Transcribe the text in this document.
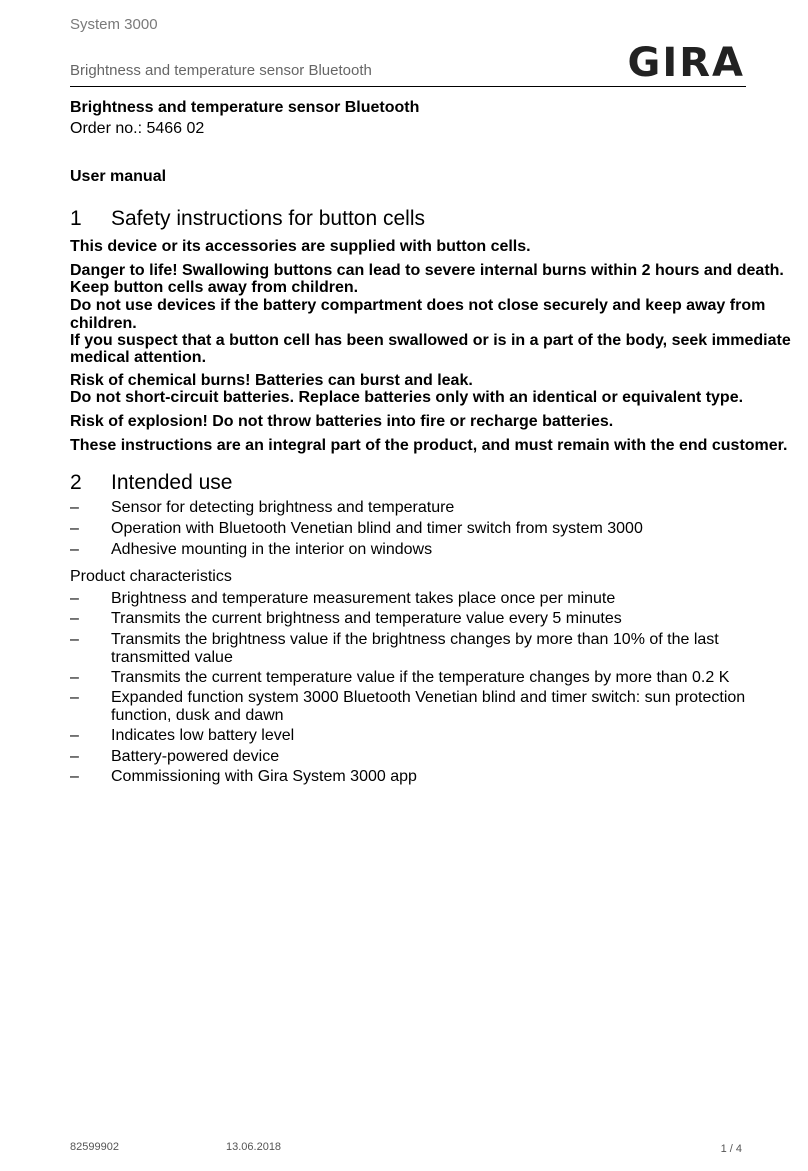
System 3000
Brightness and temperature sensor Bluetooth	GIRA
Brightness and temperature sensor Bluetooth
Order no.: 5466 02
User manual
1 Safety instructions for button cells
This device or its accessories are supplied with button cells.
Danger to life! Swallowing buttons can lead to severe internal burns within 2 hours and death.
Keep button cells away from children.
Do not use devices if the battery compartment does not close securely and keep away from
children.
If you suspect that a button cell has been swallowed or is in a part of the body, seek immediate
medical attention.
Risk of chemical burns! Batteries can burst and leak.
Do not short-circuit batteries. Replace batteries only with an identical or equivalent type.
Risk of explosion! Do not throw batteries into fire or recharge batteries.
These instructions are an integral part of the product, and must remain with the end customer.
2 Intended use
– Sensor for detecting brightness and temperature
– Operation with Bluetooth Venetian blind and timer switch from system 3000
– Adhesive mounting in the interior on windows
Product characteristics
– Brightness and temperature measurement takes place once per minute
– Transmits the current brightness and temperature value every 5 minutes
– Transmits the brightness value if the brightness changes by more than 10% of the last
transmitted value
– Transmits the current temperature value if the temperature changes by more than 0.2 K
– Expanded function system 3000 Bluetooth Venetian blind and timer switch: sun protection
function, dusk and dawn
– Indicates low battery level
– Battery-powered device
– Commissioning with Gira System 3000 app
82599902	13.06.2018	1 / 4
